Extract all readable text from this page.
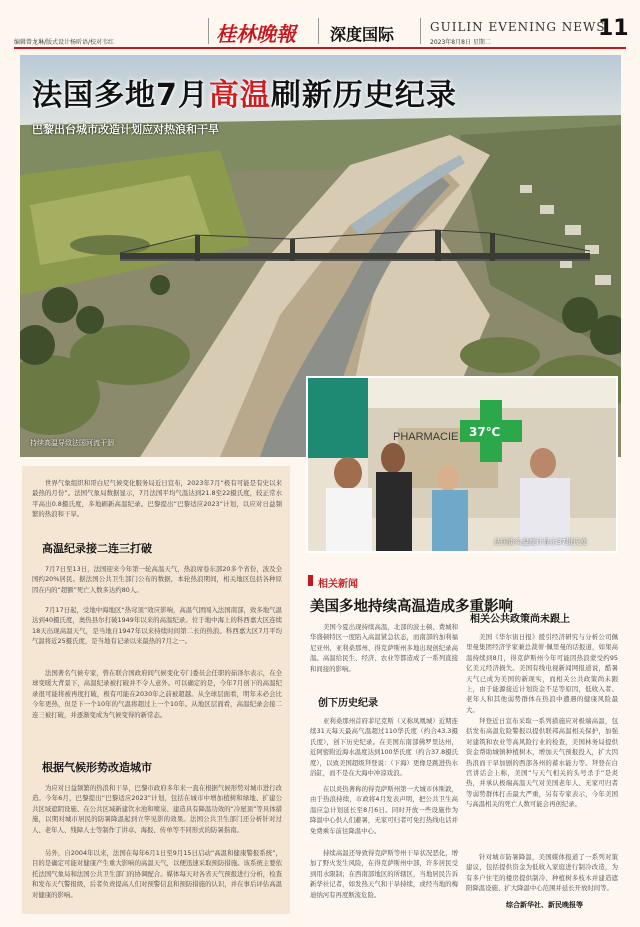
编辑曾龙琳/版式设计杨昕语/校对韦红	桂林晚報 深度国际	GUILIN EVENING NEWS
2023年8月8日 星期二
11
法国多地7月高温刷新历史纪录
巴黎出台城市改造计划应对热浪和干旱
持续高温导致法国河流干涸	PHARMACIE 37℃
法国街头温度计显示37摄氏度
世界气象组织和哥白尼气候变化服务局近日宣布，2023年7月“极有可能是有史以来最热的月份”。法国气象局数据显示，7月法国平均气温达到21.8至22摄氏度，较正常水平高出0.8摄氏度，多地刷新高温纪录。巴黎提出“巴黎适应2023”计划，以应对日益频繁的热浪和干旱。
高温纪录接二连三打破
7月7日至13日，法国迎来今年第一轮高温天气，热浪席卷东部20多个省份，波及全国约20%居民。据法国公共卫生部门公布的数据，本轮热浪期间，相关地区包括各种原因在内的“超额”死亡人数多达约80人。
7月17日起，受地中海地区“热穹顶”效应影响，高温气团闯入法国南部，致多地气温达到40摄氏度，奥热县尔打破1949年以来的高温纪录。位于地中海上的科西嘉大区连续18天出现高温天气，是当地自1947年以来持续时间第二长的热浪。科西嘉大区7月平均气温将近25摄氏度，是当地有记录以来最热的7月之一。
法国著名气候专家，曾在联合国政府间气候变化专门委员会任职的茹泽尔表示，在全球变暖大背景下，高温纪录被打破并不令人意外。可以确定的是，今年7月创下的高温纪录很可能将被再度打破，极有可能在2030年之前被超越。从全球层面看，明年未必会比今年更热，但是下一个10年的气温将超过上一个10年。从地区层面看，高温纪录会接二连三被打破，并逐渐变成为气候变得的新常态。
根据气候形势改造城市
为应对日益频繁的热浪和干旱，巴黎市政府多年来一直在根据气候形势对城市进行改造。今年6月，巴黎提出“巴黎适应2023”计划，包括在城市中增加植树和绿地、扩建公共区域遮阴设施、在公共区域新建饮水池和喷泉、建造具有降温功效的“冷屋顶”等具体措施，以期对城市居民的防暑降温起到立竿见影的效果。法国公共卫生部门还分析针对过人、老年人、残障人士等制作了讲卓、海报、传单等不同形式的防暑指南。
另外，自2004年以来，法国在每年6月1日至9月15日启动“高温和健康警报系统”，目的是确定可能对健康产生重大影响的高温天气，以便迅速采取预防措施。该系统主要依托法国气象局和法国公共卫生部门的协调配合。媒体每天对各省天气预报进行分析，检查和发布天气警报级，后者负责提高人们对预警信息和预防措施的认识，并在事后评估高温对健康的影响。
相关新闻
美国多地持续高温造成多重影响
美国今夏出现持续高温，北部的波士顿、费城和华盛顿特区一度陷入高温紧急状态，而南部的加利福尼亚州、亚利桑那州、得克萨斯州多地出现创纪录高温。高温给民生、经济、农业等都造成了一系列直接和间接的影响。
创下历史纪录
亚利桑那州首府菲尼克斯（又称凤凰城）近期连续31天每天最高气温超过110华氏度（约合43.3摄氏度），创下历史纪录。在美国东南部佛罗里达州，近阿密附近海水温度达到100华氏度（约合37.8摄氏度），以致美国超级拜登说：（下海）更像是跳进热水浴缸，而不是在大海中冲凉戏浪。
在以炎热著称的得克萨斯州第一大城市休斯敦，由于热浪持续，市政将4月发表声明，把公共卫生高温应急计划延长至8月6日。同时开放一些设施作为降温中心供人们避暑，无家可归者可免打热线电话并免费乘车前往降温中心。
持续高温还导致得克萨斯等州干旱状况恶化，增加了野火发生风险，在得克萨斯州中部，许多居民受到用水限制；在西南部地区的所辖区，当地居民告诉新华社记者，如发热天气和干旱持续，或经当地的梅迪纳河有再度断流危险。
相关公共政策尚未跟上
美国《华尔街日报》援引经济研究与分析公司佩里曼集团经济学家兼总裁蒂·佩里曼的话报道，如果高温持续到8月，得克萨斯州今年可能因热浪蒙受约95亿美元经济损失。美国有线电视新闻网报道说，酷暑天气已成为美国的新现实，而相关公共政策尚未跟上，由于能源接近计划资金不足等原因，低收入者、老年人和其他弱势群体在热浪中遭遇的健康风险最大。
拜登近日宣布采取一系列措施应对极端高温，包括发布高温危险警报以提供联邦高温相关保护，加强对建筑和农业等高风险行业的检查，美国林务局提供资金帮助城镇种植树木，增加天气预报投入，扩大因热浪而干旱加剧的西部各州的蓄水能力等。拜登在白宫讲话会上称，美国“与天气相关的头号杀手”是炎热，并承认极端高温天气对美国老年人、无家可归者等弱势群体打击最大严重，另有专家表示，今年美国与高温相关的死亡人数可能会再创纪录。
针对城市防暑降温，美国媒体报道了一系列对策建议，包括提供资金为低收入家庭进行制冷改造，为有多户住宅的楼房提供制冷、种植树多枝木并建造遮阳降温设施、扩大降温中心范围并延长开放时间等。
综合新华社、新民晚报等
